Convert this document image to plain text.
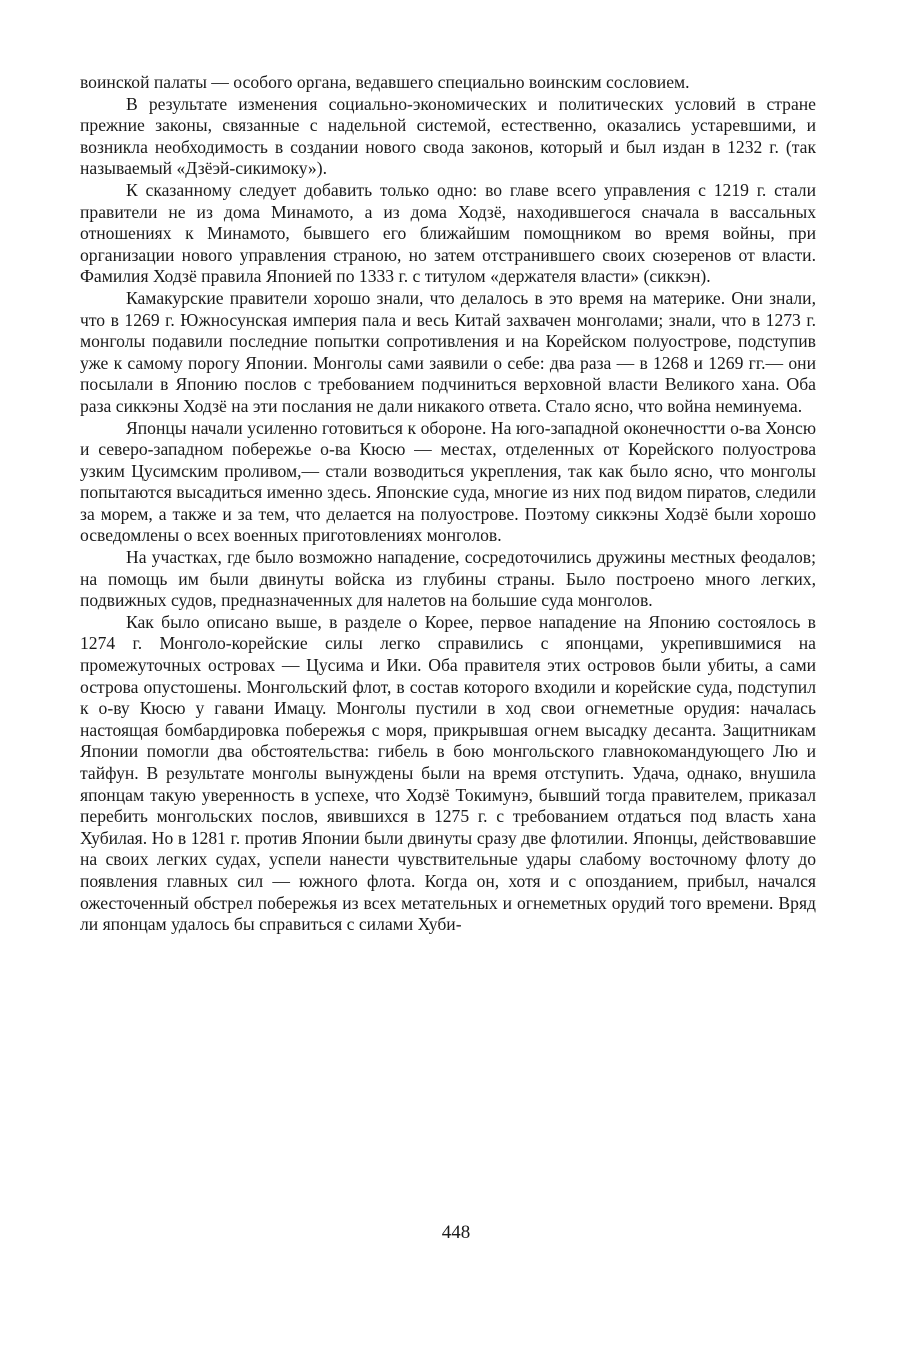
воинской палаты — особого органа, ведавшего специально воинским сословием.

В результате изменения социально-экономических и политических условий в стране прежние законы, связанные с надельной системой, естественно, оказались устаревшими, и возникла необходимость в создании нового свода законов, который и был издан в 1232 г. (так называемый «Дзёэй-сикимоку»).

К сказанному следует добавить только одно: во главе всего управления с 1219 г. стали правители не из дома Минамото, а из дома Ходзё, находившегося сначала в вассальных отношениях к Минамото, бывшего его ближайшим помощником во время войны, при организации нового управления страною, но затем отстранившего своих сюзеренов от власти. Фамилия Ходзё правила Японией по 1333 г. с титулом «держателя власти» (сиккэн).

Камакурские правители хорошо знали, что делалось в это время на материке. Они знали, что в 1269 г. Южносунская империя пала и весь Китай захвачен монголами; знали, что в 1273 г. монголы подавили последние попытки сопротивления и на Корейском полуострове, подступив уже к самому порогу Японии. Монголы сами заявили о себе: два раза — в 1268 и 1269 гг.— они посылали в Японию послов с требованием подчиниться верховной власти Великого хана. Оба раза сиккэны Ходзё на эти послания не дали никакого ответа. Стало ясно, что война неминуема.

Японцы начали усиленно готовиться к обороне. На юго-западной оконечностти о-ва Хонсю и северо-западном побережье о-ва Кюсю — местах, отделенных от Корейского полуострова узким Цусимским проливом,— стали возводиться укрепления, так как было ясно, что монголы попытаются высадиться именно здесь. Японские суда, многие из них под видом пиратов, следили за морем, а также и за тем, что делается на полуострове. Поэтому сиккэны Ходзё были хорошо осведомлены о всех военных приготовлениях монголов.

На участках, где было возможно нападение, сосредоточились дружины местных феодалов; на помощь им были двинуты войска из глубины страны. Было построено много легких, подвижных судов, предназначенных для налетов на большие суда монголов.

Как было описано выше, в разделе о Корее, первое нападение на Японию состоялось в 1274 г. Монголо-корейские силы легко справились с японцами, укрепившимися на промежуточных островах — Цусима и Ики. Оба правителя этих островов были убиты, а сами острова опустошены. Монгольский флот, в состав которого входили и корейские суда, подступил к о-ву Кюсю у гавани Имацу. Монголы пустили в ход свои огнеметные орудия: началась настоящая бомбардировка побережья с моря, прикрывшая огнем высадку десанта. Защитникам Японии помогли два обстоятельства: гибель в бою монгольского главнокомандующего Лю и тайфун. В результате монголы вынуждены были на время отступить. Удача, однако, внушила японцам такую уверенность в успехе, что Ходзё Токимунэ, бывший тогда правителем, приказал перебить монгольских послов, явившихся в 1275 г. с требованием отдаться под власть хана Хубилая. Но в 1281 г. против Японии были двинуты сразу две флотилии. Японцы, действовавшие на своих легких судах, успели нанести чувствительные удары слабому восточному флоту до появления главных сил — южного флота. Когда он, хотя и с опозданием, прибыл, начался ожесточенный обстрел побережья из всех метательных и огнеметных орудий того времени. Вряд ли японцам удалось бы справиться с силами Хуби-

448
